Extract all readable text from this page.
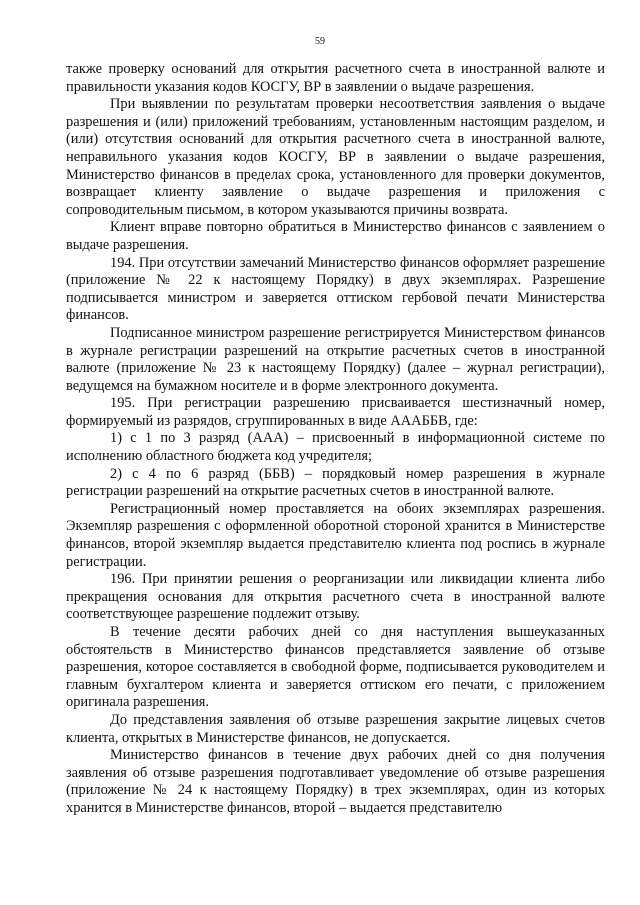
59

также проверку оснований для открытия расчетного счета в иностранной валюте и правильности указания кодов КОСГУ, ВР в заявлении о выдаче разрешения.

При выявлении по результатам проверки несоответствия заявления о выдаче разрешения и (или) приложений требованиям, установленным настоящим разделом, и (или) отсутствия оснований для открытия расчетного счета в иностранной валюте, неправильного указания кодов КОСГУ, ВР в заявлении о выдаче разрешения, Министерство финансов в пределах срока, установленного для проверки документов, возвращает клиенту заявление о выдаче разрешения и приложения с сопроводительным письмом, в котором указываются причины возврата.

Клиент вправе повторно обратиться в Министерство финансов с заявлением о выдаче разрешения.

194. При отсутствии замечаний Министерство финансов оформляет разрешение (приложение № 22 к настоящему Порядку) в двух экземплярах. Разрешение подписывается министром и заверяется оттиском гербовой печати Министерства финансов.

Подписанное министром разрешение регистрируется Министерством финансов в журнале регистрации разрешений на открытие расчетных счетов в иностранной валюте (приложение № 23 к настоящему Порядку) (далее – журнал регистрации), ведущемся на бумажном носителе и в форме электронного документа.

195. При регистрации разрешению присваивается шестизначный номер, формируемый из разрядов, сгруппированных в виде АААББВ, где:

1) с 1 по 3 разряд (ААА) – присвоенный в информационной системе по исполнению областного бюджета код учредителя;

2) с 4 по 6 разряд (ББВ) – порядковый номер разрешения в журнале регистрации разрешений на открытие расчетных счетов в иностранной валюте.

Регистрационный номер проставляется на обоих экземплярах разрешения. Экземпляр разрешения с оформленной оборотной стороной хранится в Министерстве финансов, второй экземпляр выдается представителю клиента под роспись в журнале регистрации.

196. При принятии решения о реорганизации или ликвидации клиента либо прекращения основания для открытия расчетного счета в иностранной валюте соответствующее разрешение подлежит отзыву.

В течение десяти рабочих дней со дня наступления вышеуказанных обстоятельств в Министерство финансов представляется заявление об отзыве разрешения, которое составляется в свободной форме, подписывается руководителем и главным бухгалтером клиента и заверяется оттиском его печати, с приложением оригинала разрешения.

До представления заявления об отзыве разрешения закрытие лицевых счетов клиента, открытых в Министерстве финансов, не допускается.

Министерство финансов в течение двух рабочих дней со дня получения заявления об отзыве разрешения подготавливает уведомление об отзыве разрешения (приложение № 24 к настоящему Порядку) в трех экземплярах, один из которых хранится в Министерстве финансов, второй – выдается представителю
